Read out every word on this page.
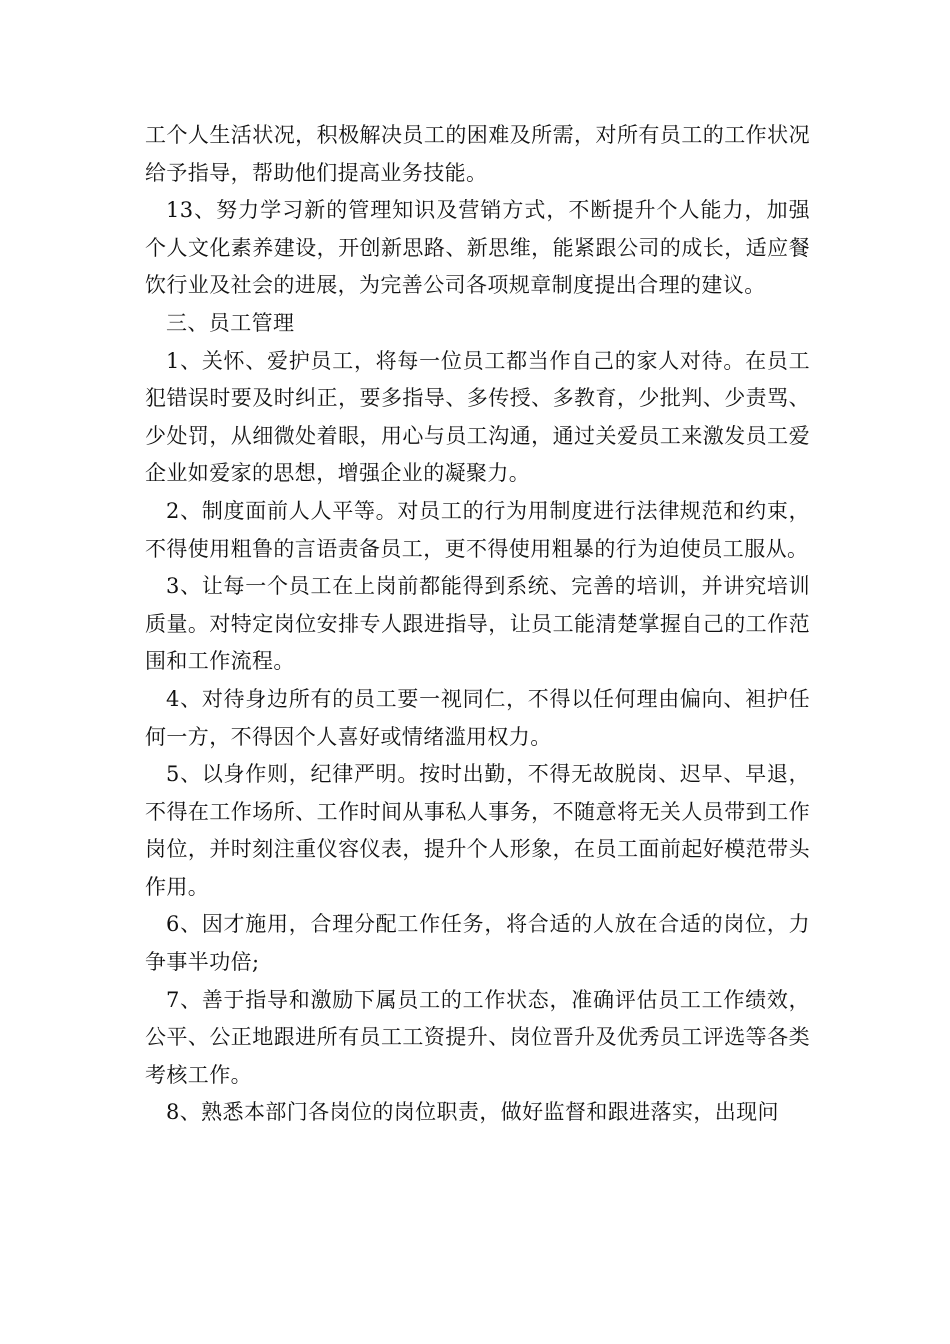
工个人生活状况，积极解决员工的困难及所需，对所有员工的工作状况给予指导，帮助他们提高业务技能。

13、努力学习新的管理知识及营销方式，不断提升个人能力，加强个人文化素养建设，开创新思路、新思维，能紧跟公司的成长，适应餐饮行业及社会的进展，为完善公司各项规章制度提出合理的建议。

三、员工管理

1、关怀、爱护员工，将每一位员工都当作自己的家人对待。在员工犯错误时要及时纠正，要多指导、多传授、多教育，少批判、少责骂、少处罚，从细微处着眼，用心与员工沟通，通过关爱员工来激发员工爱企业如爱家的思想，增强企业的凝聚力。

2、制度面前人人平等。对员工的行为用制度进行法律规范和约束，不得使用粗鲁的言语责备员工，更不得使用粗暴的行为迫使员工服从。

3、让每一个员工在上岗前都能得到系统、完善的培训，并讲究培训质量。对特定岗位安排专人跟进指导，让员工能清楚掌握自己的工作范围和工作流程。

4、对待身边所有的员工要一视同仁，不得以任何理由偏向、袒护任何一方，不得因个人喜好或情绪滥用权力。

5、以身作则，纪律严明。按时出勤，不得无故脱岗、迟早、早退，不得在工作场所、工作时间从事私人事务，不随意将无关人员带到工作岗位，并时刻注重仪容仪表，提升个人形象，在员工面前起好模范带头作用。

6、因才施用，合理分配工作任务，将合适的人放在合适的岗位，力争事半功倍;

7、善于指导和激励下属员工的工作状态，准确评估员工工作绩效，公平、公正地跟进所有员工工资提升、岗位晋升及优秀员工评选等各类考核工作。

8、熟悉本部门各岗位的岗位职责，做好监督和跟进落实，出现问
